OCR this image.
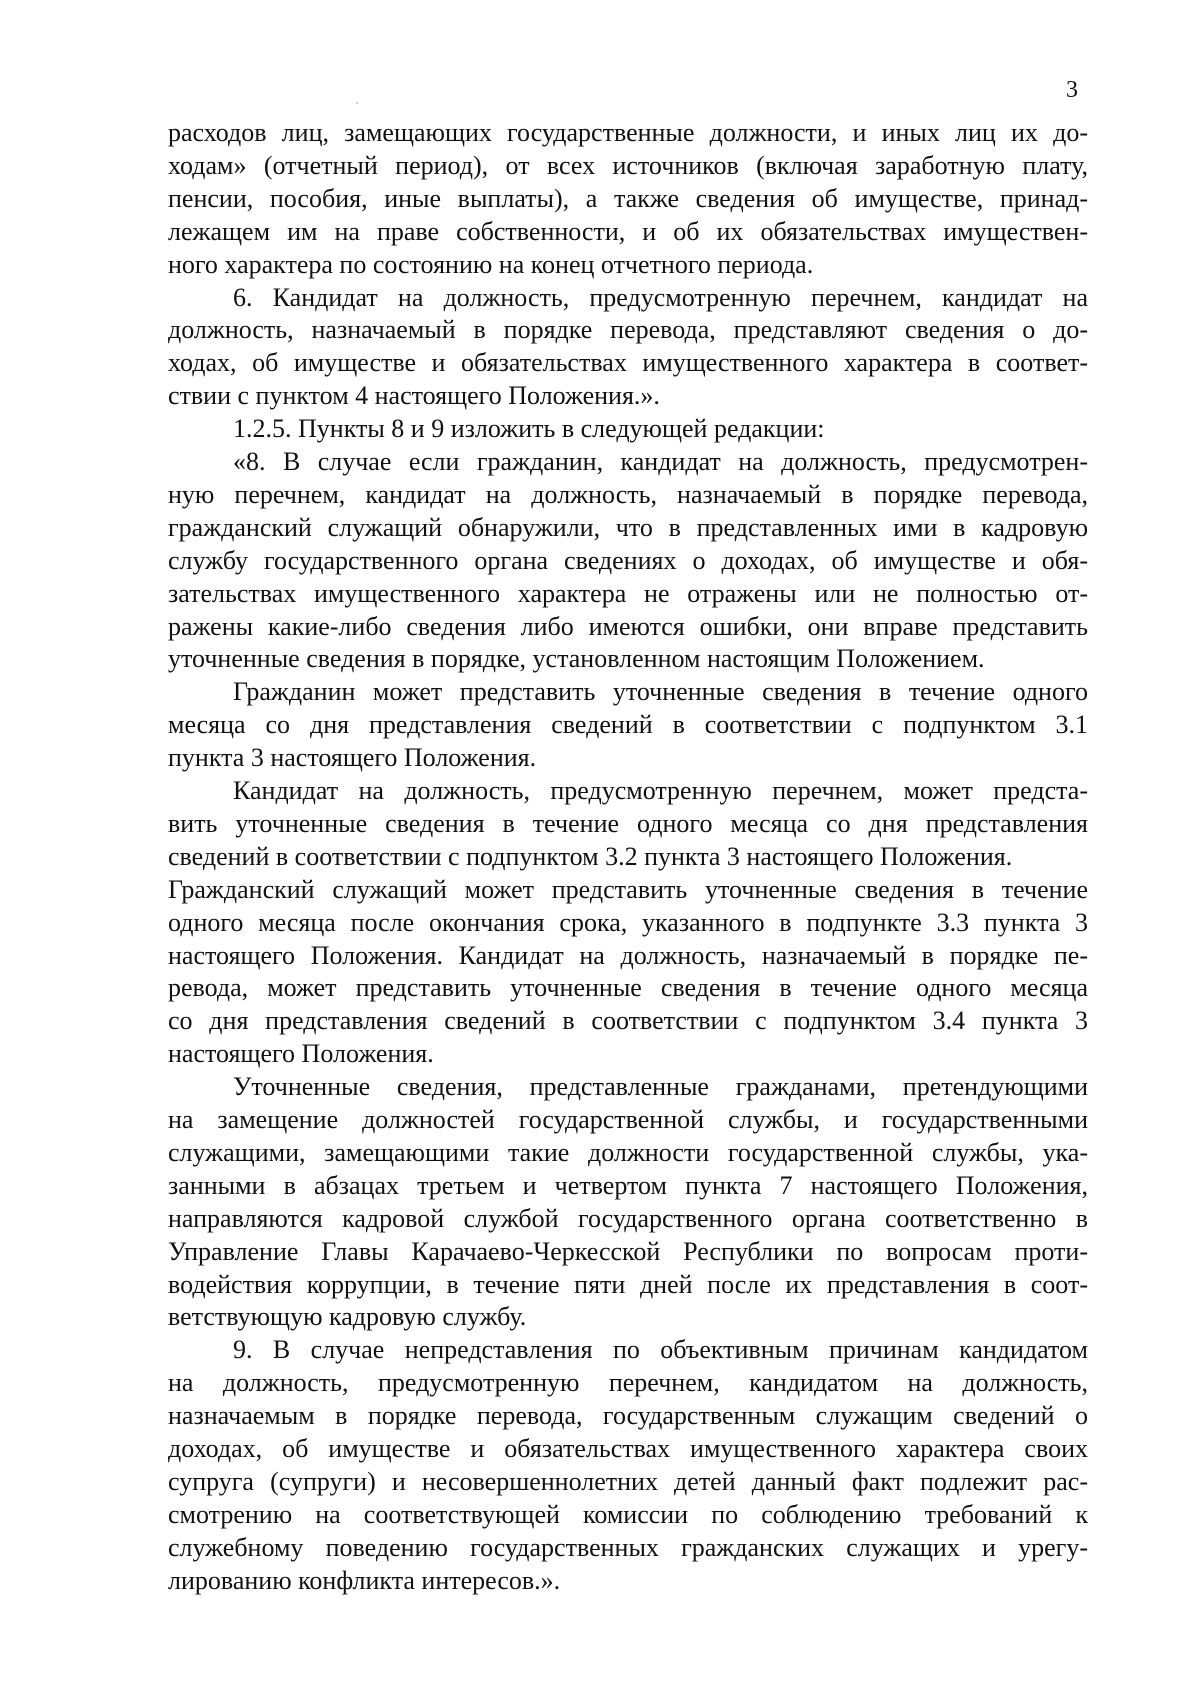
3
расходов лиц, замещающих государственные должности, и иных лиц их до-
ходам» (отчетный период), от всех источников (включая заработную плату,
пенсии, пособия, иные выплаты), а также сведения об имуществе, принад-
лежащем им на праве собственности, и об их обязательствах имуществен-
ного характера по состоянию на конец отчетного периода.
6. Кандидат на должность, предусмотренную перечнем, кандидат на
должность, назначаемый в порядке перевода, представляют сведения о до-
ходах, об имуществе и обязательствах имущественного характера в соответ-
ствии с пунктом 4 настоящего Положения.».
1.2.5. Пункты 8 и 9 изложить в следующей редакции:
«8. В случае если гражданин, кандидат на должность, предусмотрен-
ную перечнем, кандидат на должность, назначаемый в порядке перевода,
гражданский служащий обнаружили, что в представленных ими в кадровую
службу государственного органа сведениях о доходах, об имуществе и обя-
зательствах имущественного характера не отражены или не полностью от-
ражены какие-либо сведения либо имеются ошибки, они вправе представить
уточненные сведения в порядке, установленном настоящим Положением.
Гражданин может представить уточненные сведения в течение одного
месяца со дня представления сведений в соответствии с подпунктом 3.1
пункта 3 настоящего Положения.
Кандидат на должность, предусмотренную перечнем, может предста-
вить уточненные сведения в течение одного месяца со дня представления
сведений в соответствии с подпунктом 3.2 пункта 3 настоящего Положения.
Гражданский служащий может представить уточненные сведения в течение
одного месяца после окончания срока, указанного в подпункте 3.3 пункта 3
настоящего Положения. Кандидат на должность, назначаемый в порядке пе-
ревода, может представить уточненные сведения в течение одного месяца
со дня представления сведений в соответствии с подпунктом 3.4 пункта 3
настоящего Положения.
Уточненные сведения, представленные гражданами, претендующими
на замещение должностей государственной службы, и государственными
служащими, замещающими такие должности государственной службы, ука-
занными в абзацах третьем и четвертом пункта 7 настоящего Положения,
направляются кадровой службой государственного органа соответственно в
Управление Главы Карачаево-Черкесской Республики по вопросам проти-
водействия коррупции, в течение пяти дней после их представления в соот-
ветствующую кадровую службу.
9. В случае непредставления по объективным причинам кандидатом
на должность, предусмотренную перечнем, кандидатом на должность,
назначаемым в порядке перевода, государственным служащим сведений о
доходах, об имуществе и обязательствах имущественного характера своих
супруга (супруги) и несовершеннолетних детей данный факт подлежит рас-
смотрению на соответствующей комиссии по соблюдению требований к
служебному поведению государственных гражданских служащих и урегу-
лированию конфликта интересов.».
